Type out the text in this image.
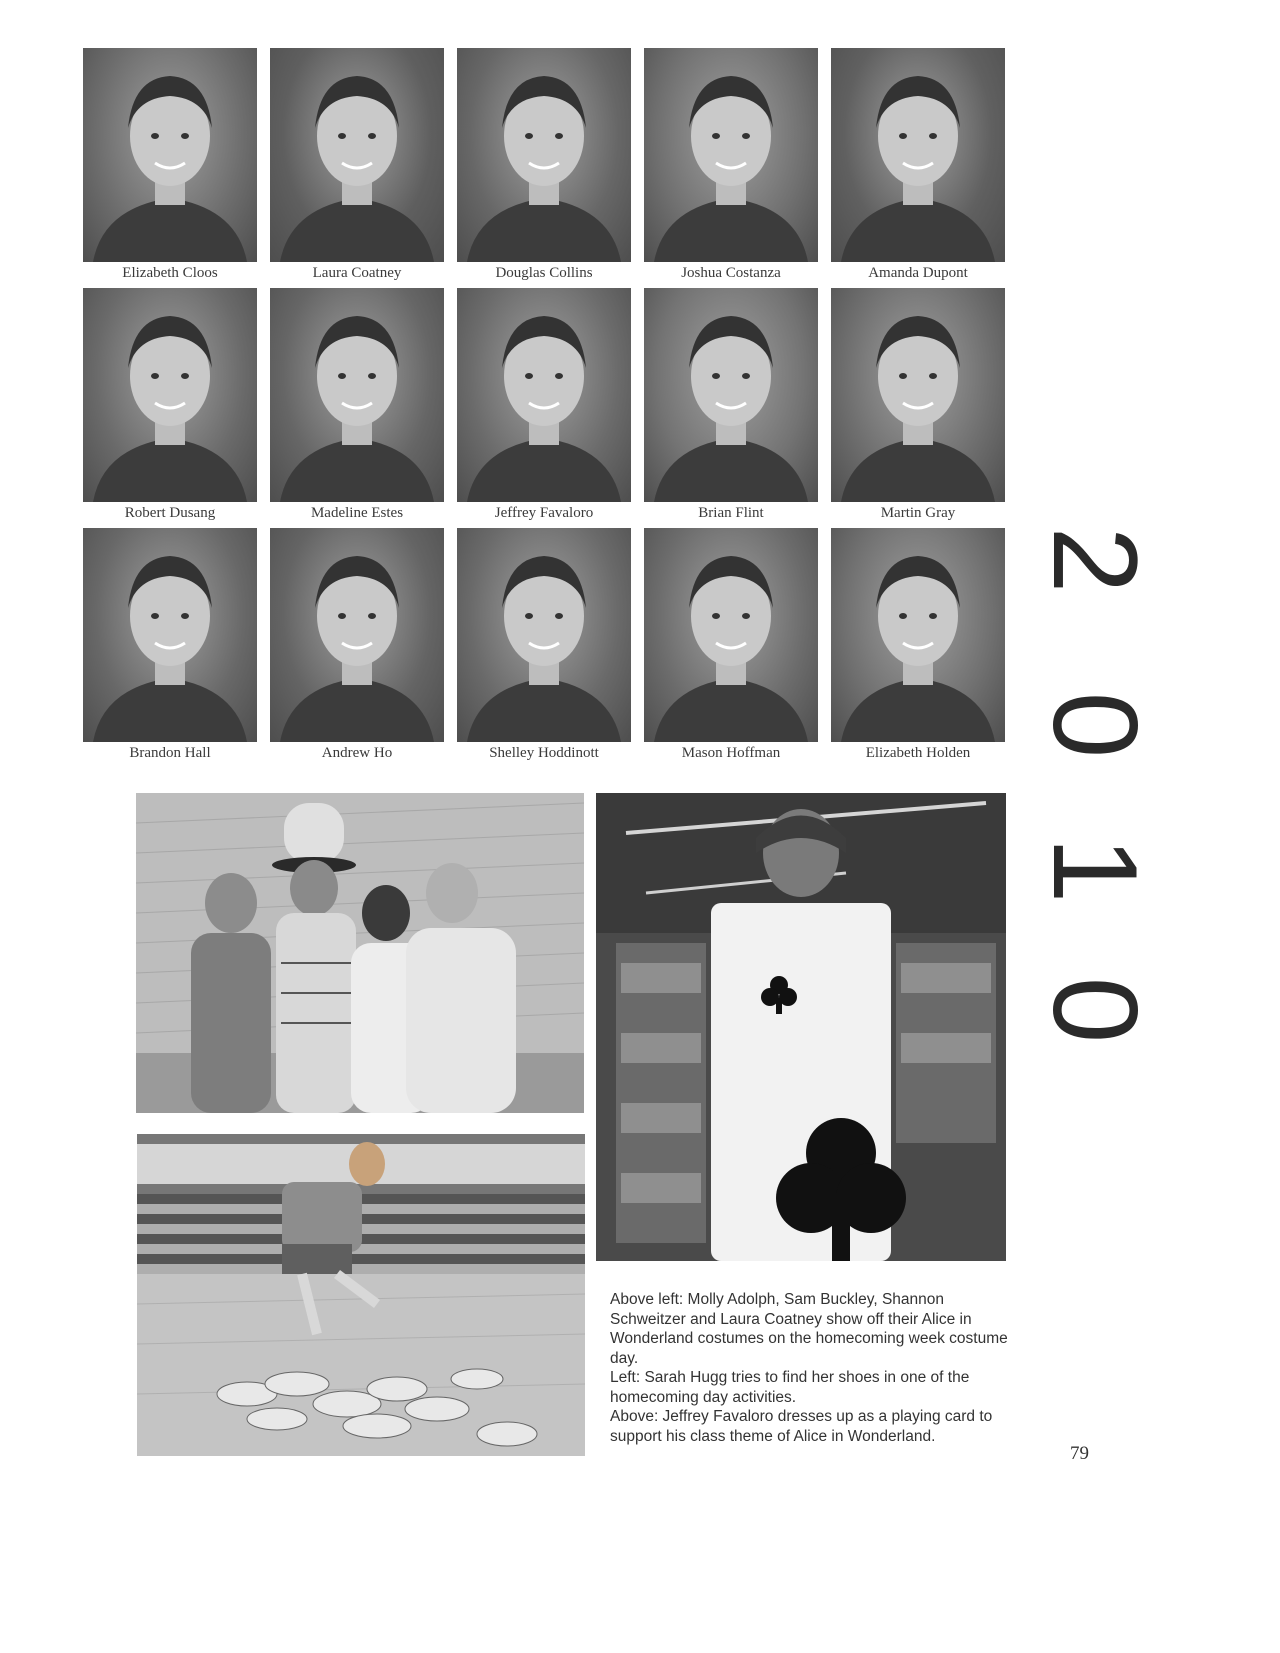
Elizabeth Cloos	Laura Coatney	Douglas Collins	Joshua Costanza	Amanda Dupont
Robert Dusang	Madeline Estes	Jeffrey Favaloro	Brian Flint	Martin Gray
Brandon Hall	Andrew Ho	Shelley Hoddinott	Mason Hoffman	Elizabeth Holden
2
0
1
0

Above left: Molly Adolph, Sam Buckley, Shannon Schweitzer and Laura Coatney show off their Alice in Wonderland costumes on the homecoming week costume day.

Left: Sarah Hugg tries to find her shoes in one of the homecoming day activities.

Above: Jeffrey Favaloro dresses up as a playing card to support his class theme of Alice in Wonderland.

79
